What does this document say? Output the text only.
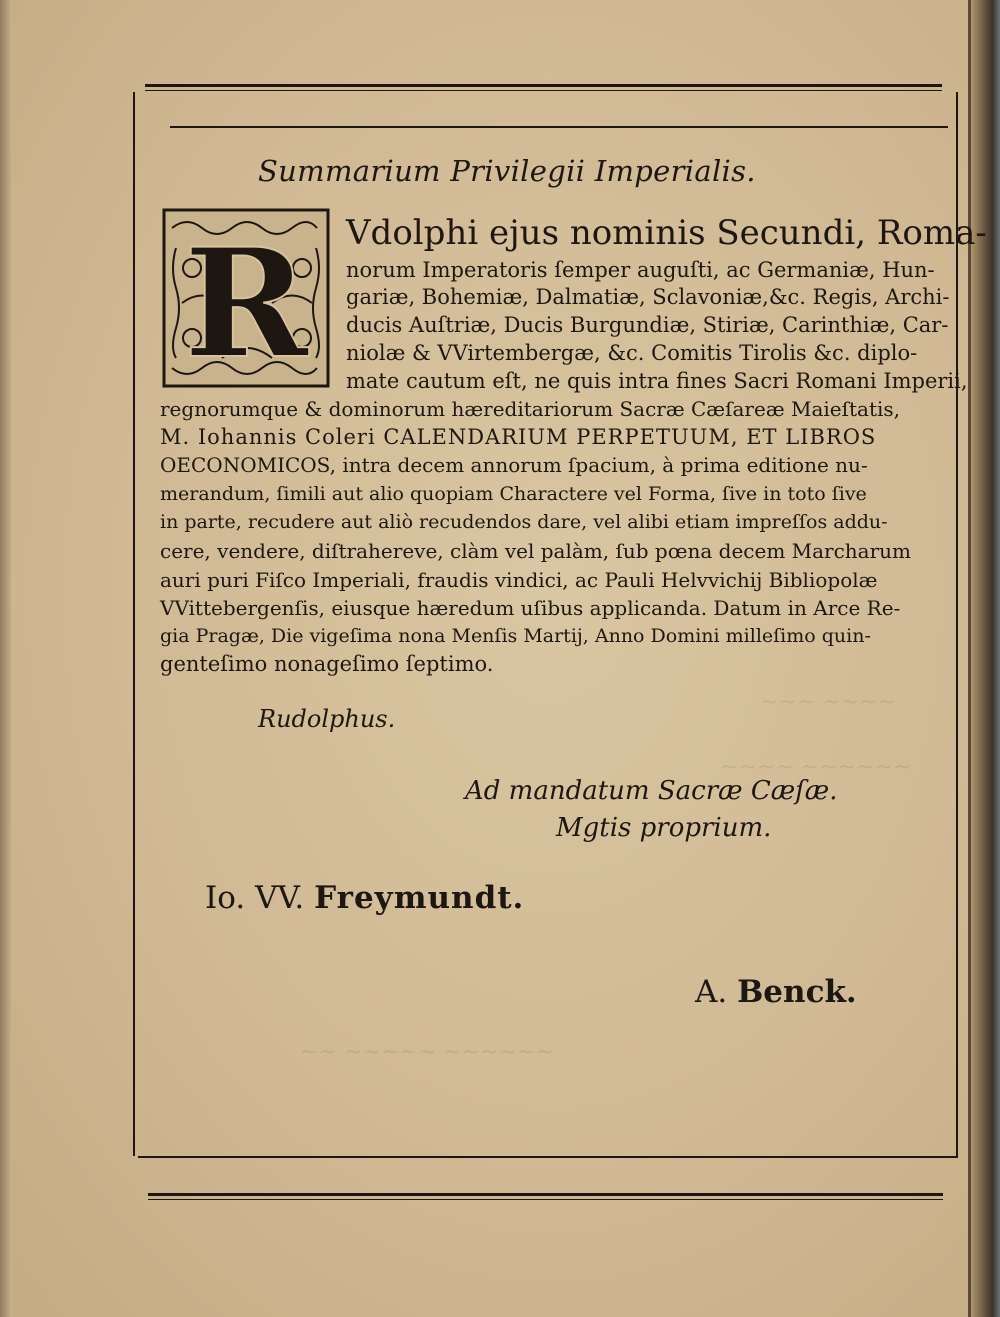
~~~ ~~~~
~~~~ ~~~~~~
~~ ~~~~~ ~~~~~~
Summarium Privilegii Imperialis.
R Vdolphi ejus nominis Secundi, Roma-
norum Imperatoris ſemper auguſti, ac Germaniæ, Hun-
gariæ, Bohemiæ, Dalmatiæ, Sclavoniæ,&c. Regis, Archi-
ducis Auſtriæ, Ducis Burgundiæ, Stiriæ, Carinthiæ, Car-
niolæ & VVirtembergæ, &c. Comitis Tirolis &c. diplo-
mate cautum eſt, ne quis intra fines Sacri Romani Imperii,
regnorumque & dominorum hæreditariorum Sacræ Cæſareæ Maieſtatis,
M. Iohannis Coleri CALENDARIUM PERPETUUM, ET LIBROS
OECONOMICOS, intra decem annorum ſpacium, à prima editione nu-
merandum, ſimili aut alio quopiam Charactere vel Forma, ſive in toto ſive
in parte, recudere aut aliò recudendos dare, vel alibi etiam impreſſos addu-
cere, vendere, diſtrahereve, clàm vel palàm, ſub pœna decem Marcharum
auri puri Fiſco Imperiali, fraudis vindici, ac Pauli Helvvichij Bibliopolæ
VVittebergenſis, eiusque hæredum uſibus applicanda. Datum in Arce Re-
gia Pragæ, Die vigeſima nona Menſis Martij, Anno Domini milleſimo quin-
genteſimo nonageſimo ſeptimo.
Rudolphus.
Ad mandatum Sacræ Cæſæ.
Mgtis proprium.
Io. VV. Freymundt.
A. Benck.
